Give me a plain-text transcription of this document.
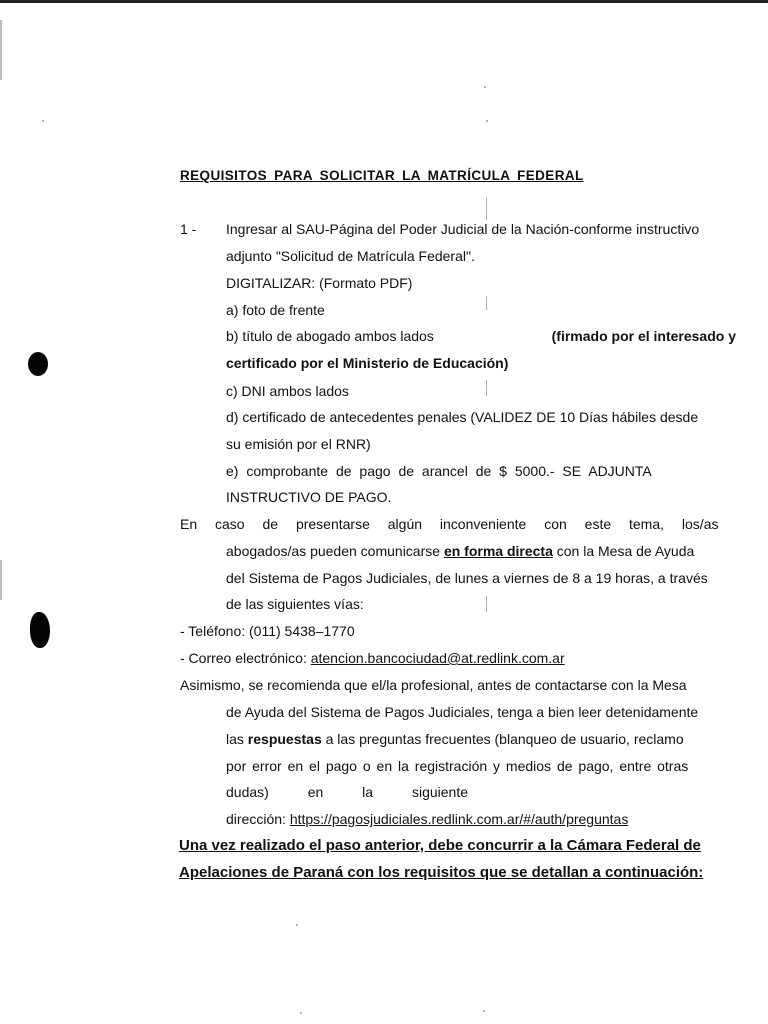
REQUISITOS PARA SOLICITAR LA MATRÍCULA FEDERAL
1 - Ingresar al SAU-Página del Poder Judicial de la Nación-conforme instructivo
adjunto "Solicitud de Matrícula Federal".
DIGITALIZAR: (Formato PDF)
a) foto de frente
b) título de abogado ambos lados	(firmado por el interesado y
certificado por el Ministerio de Educación)
c) DNI ambos lados
d) certificado de antecedentes penales (VALIDEZ DE 10 Días hábiles desde
su emisión por el RNR)
e) comprobante de pago de arancel de $ 5000.- SE ADJUNTA
INSTRUCTIVO DE PAGO.
En caso de presentarse algún inconveniente con este tema, los/as
abogados/as pueden comunicarse en forma directa con la Mesa de Ayuda
del Sistema de Pagos Judiciales, de lunes a viernes de 8 a 19 horas, a través
de las siguientes vías:
- Teléfono: (011) 5438–1770
- Correo electrónico: atencion.bancociudad@at.redlink.com.ar
Asimismo, se recomienda que el/la profesional, antes de contactarse con la Mesa
de Ayuda del Sistema de Pagos Judiciales, tenga a bien leer detenidamente
las respuestas a las preguntas frecuentes (blanqueo de usuario, reclamo
por error en el pago o en la registración y medios de pago, entre otras
dudas)          en          la          siguiente
dirección: https://pagosjudiciales.redlink.com.ar/#/auth/preguntas
Una vez realizado el paso anterior, debe concurrir a la Cámara Federal de
Apelaciones de Paraná con los requisitos que se detallan a continuación:
